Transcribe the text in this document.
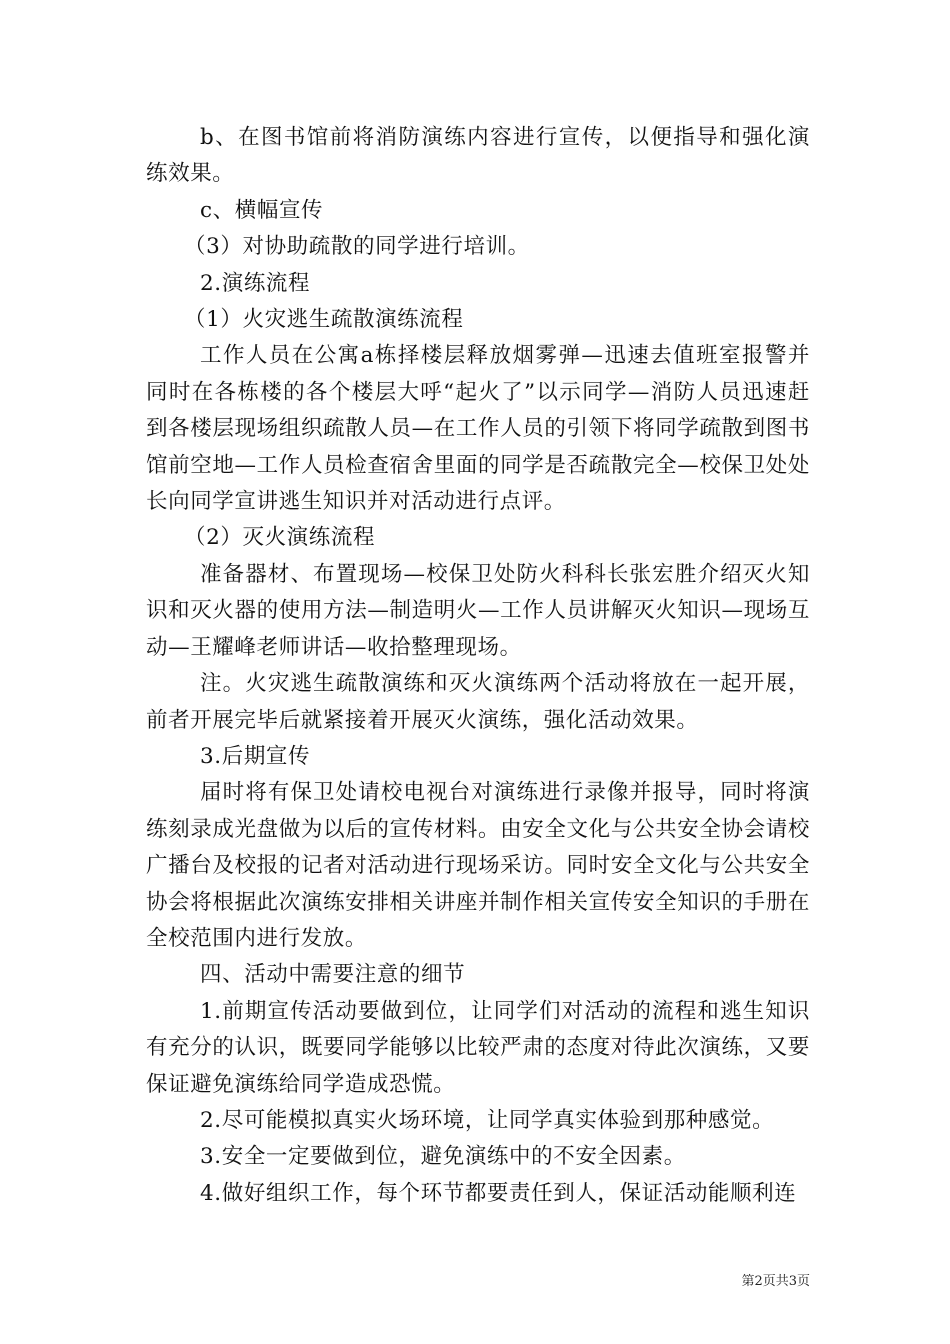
b、在图书馆前将消防演练内容进行宣传，以便指导和强化演练效果。

c、横幅宣传

（3）对协助疏散的同学进行培训。

2.演练流程

（1）火灾逃生疏散演练流程

工作人员在公寓a栋择楼层释放烟雾弹—迅速去值班室报警并同时在各栋楼的各个楼层大呼“起火了”以示同学—消防人员迅速赶到各楼层现场组织疏散人员—在工作人员的引领下将同学疏散到图书馆前空地—工作人员检查宿舍里面的同学是否疏散完全—校保卫处处长向同学宣讲逃生知识并对活动进行点评。

（2）灭火演练流程

准备器材、布置现场—校保卫处防火科科长张宏胜介绍灭火知识和灭火器的使用方法—制造明火—工作人员讲解灭火知识—现场互动—王耀峰老师讲话—收拾整理现场。

注。火灾逃生疏散演练和灭火演练两个活动将放在一起开展，前者开展完毕后就紧接着开展灭火演练，强化活动效果。

3.后期宣传

届时将有保卫处请校电视台对演练进行录像并报导，同时将演练刻录成光盘做为以后的宣传材料。由安全文化与公共安全协会请校广播台及校报的记者对活动进行现场采访。同时安全文化与公共安全协会将根据此次演练安排相关讲座并制作相关宣传安全知识的手册在全校范围内进行发放。

四、活动中需要注意的细节

1.前期宣传活动要做到位，让同学们对活动的流程和逃生知识有充分的认识，既要同学能够以比较严肃的态度对待此次演练，又要保证避免演练给同学造成恐慌。

2.尽可能模拟真实火场环境，让同学真实体验到那种感觉。

3.安全一定要做到位，避免演练中的不安全因素。

4.做好组织工作，每个环节都要责任到人，保证活动能顺利连

第2页共3页
